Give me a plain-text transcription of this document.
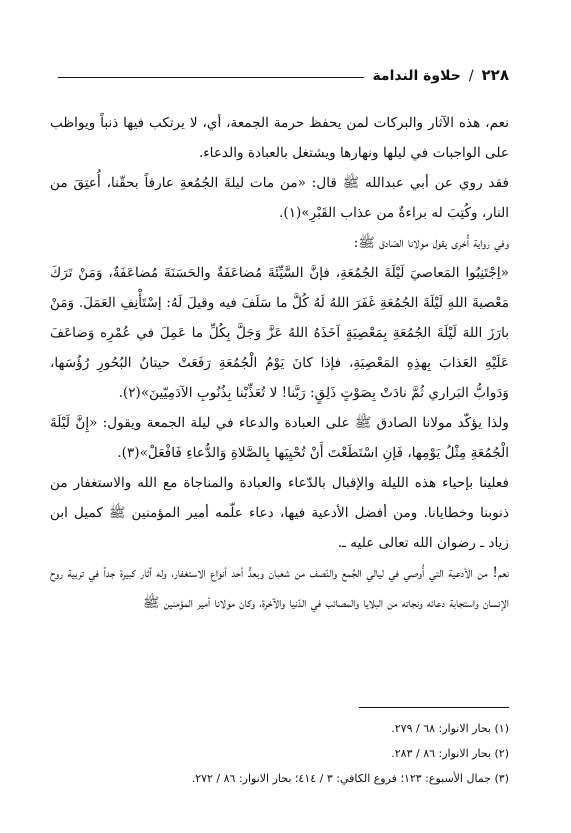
٢٢٨
/
حلاوة الندامة

نعم، هذه الآثار والبركات لمن يحفظ حرمة الجمعة، أي، لا يرتكب فيها ذنباً ويواظب على الواجبات في ليلها ونهارها ويشتغل بالعبادة والدعاء.

فقد روي عن أبي عبدالله ﷺ قال: «من مات ليلةَ الجُمُعةِ عارفاً بحقّنا، أُعتِقَ من النار، وكُتِبَ له براءةٌ من عذاب القَبْرِ»(١).

وفي رواية أُخرى يقول مولانا الصّادق ﷺ:

«اِجْتَنِبُوا المَعاصيَ لَيْلَةَ الجُمُعَةِ، فإنَّ السَّيِّئَةَ مُضاعَفَةٌ والحَسَنَةَ مُضاعَفَةٌ، وَمَنْ تَرَكَ مَعْصيةَ اللهِ لَيْلَةَ الجُمُعَةِ غَفَرَ اللهُ لَهُ كُلَّ ما سَلَفَ فيه وقيلَ لَهُ: إسْتَأْنِفِ العَمَلَ. وَمَنْ بارَزَ اللهَ لَيْلَةَ الجُمُعَةِ بِمَعْصِيَةٍ اَخَذَهُ اللهُ عَزَّ وَجَلَّ بِكُلِّ ما عَمِلَ في عُمْرِه وَضاعَفَ عَلَيْهِ العَذابَ بِهذِهِ المَعْصِيَةِ، فإذا كانَ يَوْمُ الْجُمُعَةِ رَفَعَتْ حيتانُ البُحُورِ رُؤُسَها، وَدَوابُّ البَراري ثُمَّ نادَتْ بِصَوْتٍ ذَلِقٍ: رَبَّنا! لا تُعَذِّبْنا بِذُنُوبِ الآدَمِيّينَ»(٢).

ولذا يؤكّد مولانا الصادق ﷺ على العبادة والدعاء في ليلة الجمعة ويقول: «إِنَّ لَيْلَةَ الْجُمُعَةِ مِثْلُ يَوْمِها، فَإنِ اسْتَطَعْتَ أَنْ تُحْيِيَها بِالصَّلاةِ وَالدُّعاءِ فَافْعَلْ»(٣).

فعلينا بإحياء هذه الليلة والإقبال بالدّعاء والعبادة والمناجاة مع الله والاستغفار من ذنوبنا وخطايانا. ومن أفضل الأدعية فيها، دعاء علّمه أمير المؤمنين ﷺ كميل ابن زياد ـ رضوان الله تعالى عليه ـ.

نعم! من الأدعية التي أُوصي في ليالي الجُمع والنّصف من شعبان وبعدُّ أحد أنواع الاستغفار، وله آثار كبيرة جداً في تربية روح الإنسان واستجابة دعائه ونجاته من البلايا والمصائب في الدّنيا والآخرة، وكان مولانا أمير المؤمنين ﷺ

(١) بحار الانوار: ٦٨ / ٢٧٩.
(٢) بحار الانوار: ٨٦ / ٢٨٣.
(٣) جمال الأسبوع: ١٢٣؛ فروع الكافي: ٣ / ٤١٤؛ بحار الانوار: ٨٦ / ٢٧٢.
